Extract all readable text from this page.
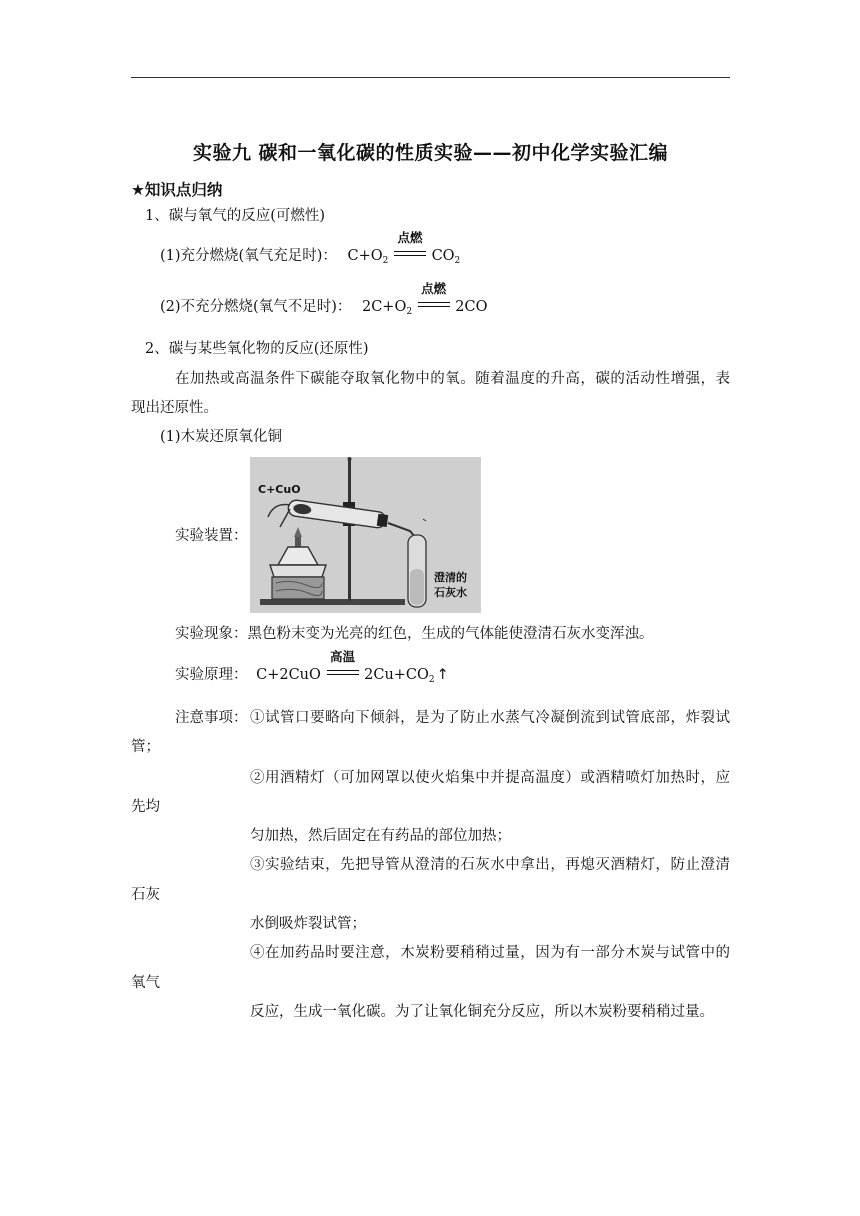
实验九 碳和一氧化碳的性质实验——初中化学实验汇编
★知识点归纳
1、碳与氧气的反应(可燃性)
(1)充分燃烧(氧气充足时)： $C+O_2$
点燃
$CO_2$
(2)不充分燃烧(氧气不足时)： $2C+O_2$
点燃
2CO
2、碳与某些氧化物的反应(还原性)
在加热或高温条件下碳能夺取氧化物中的氧。随着温度的升高，碳的活动性增强，表
现出还原性。
(1)木炭还原氧化铜
实验装置：
C+CuO
澄清的
石灰水
实验现象：黑色粉末变为光亮的红色，生成的气体能使澄清石灰水变浑浊。
实验原理： C+2CuO
高温
$2Cu+CO_2$ ↑
注意事项： ①试管口要略向下倾斜，是为了防止水蒸气冷凝倒流到试管底部，炸裂试
管；
②用酒精灯（可加网罩以使火焰集中并提高温度）或酒精喷灯加热时，应
先均
匀加热，然后固定在有药品的部位加热；
③实验结束，先把导管从澄清的石灰水中拿出，再熄灭酒精灯，防止澄清
石灰
水倒吸炸裂试管；
④在加药品时要注意，木炭粉要稍稍过量，因为有一部分木炭与试管中的
氧气
反应，生成一氧化碳。为了让氧化铜充分反应，所以木炭粉要稍稍过量。
